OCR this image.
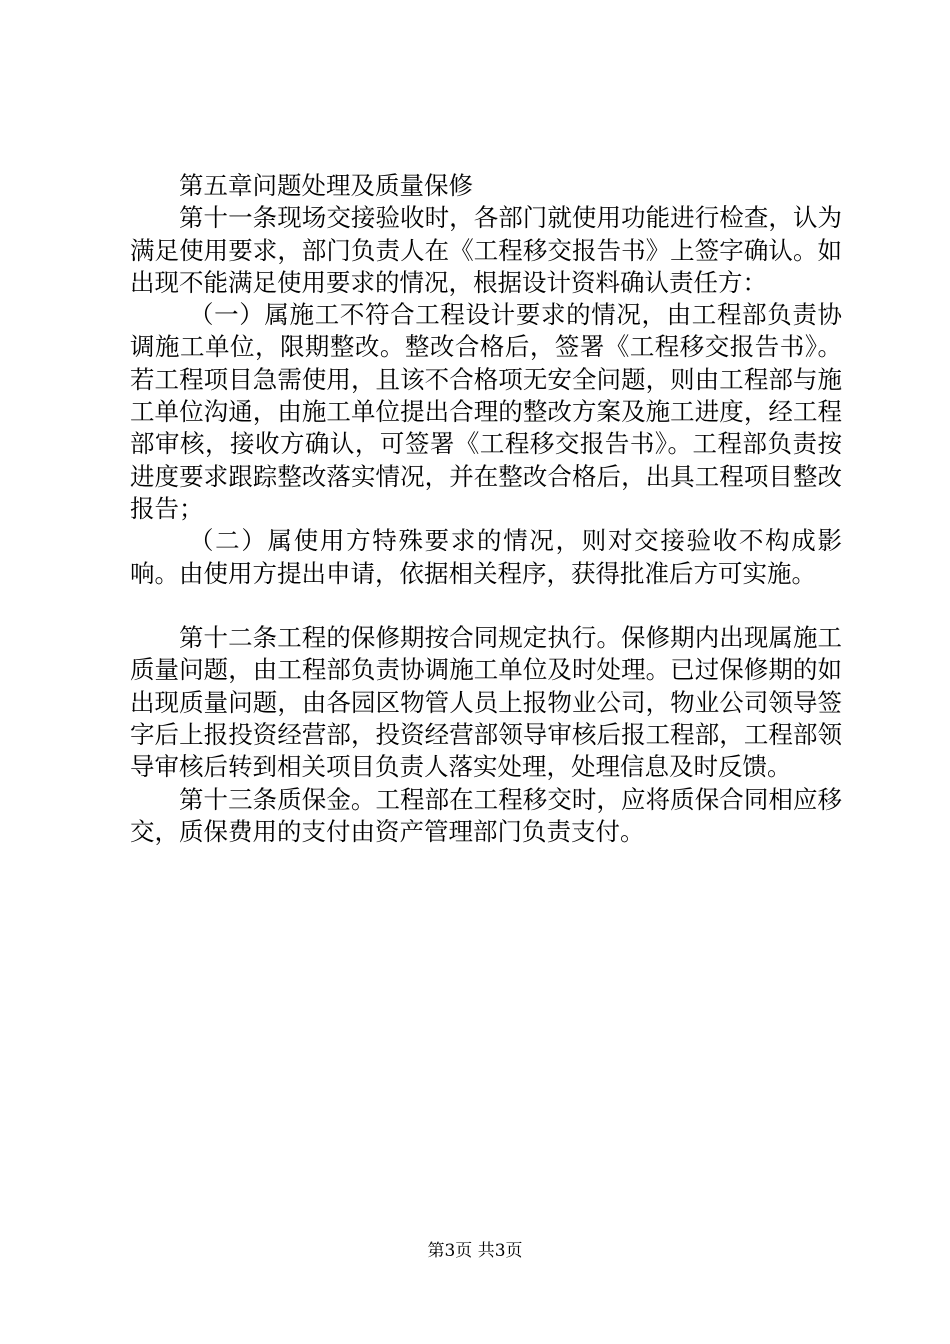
第五章问题处理及质量保修

第十一条现场交接验收时，各部门就使用功能进行检查，认为满足使用要求，部门负责人在《工程移交报告书》上签字确认。如出现不能满足使用要求的情况，根据设计资料确认责任方：

（一）属施工不符合工程设计要求的情况，由工程部负责协调施工单位，限期整改。整改合格后，签署《工程移交报告书》。若工程项目急需使用，且该不合格项无安全问题，则由工程部与施工单位沟通，由施工单位提出合理的整改方案及施工进度，经工程部审核，接收方确认，可签署《工程移交报告书》。工程部负责按进度要求跟踪整改落实情况，并在整改合格后，出具工程项目整改报告；

（二）属使用方特殊要求的情况，则对交接验收不构成影响。由使用方提出申请，依据相关程序，获得批准后方可实施。

第十二条工程的保修期按合同规定执行。保修期内出现属施工质量问题，由工程部负责协调施工单位及时处理。已过保修期的如出现质量问题，由各园区物管人员上报物业公司，物业公司领导签字后上报投资经营部，投资经营部领导审核后报工程部，工程部领导审核后转到相关项目负责人落实处理，处理信息及时反馈。

第十三条质保金。工程部在工程移交时，应将质保合同相应移交，质保费用的支付由资产管理部门负责支付。

第3页 共3页
